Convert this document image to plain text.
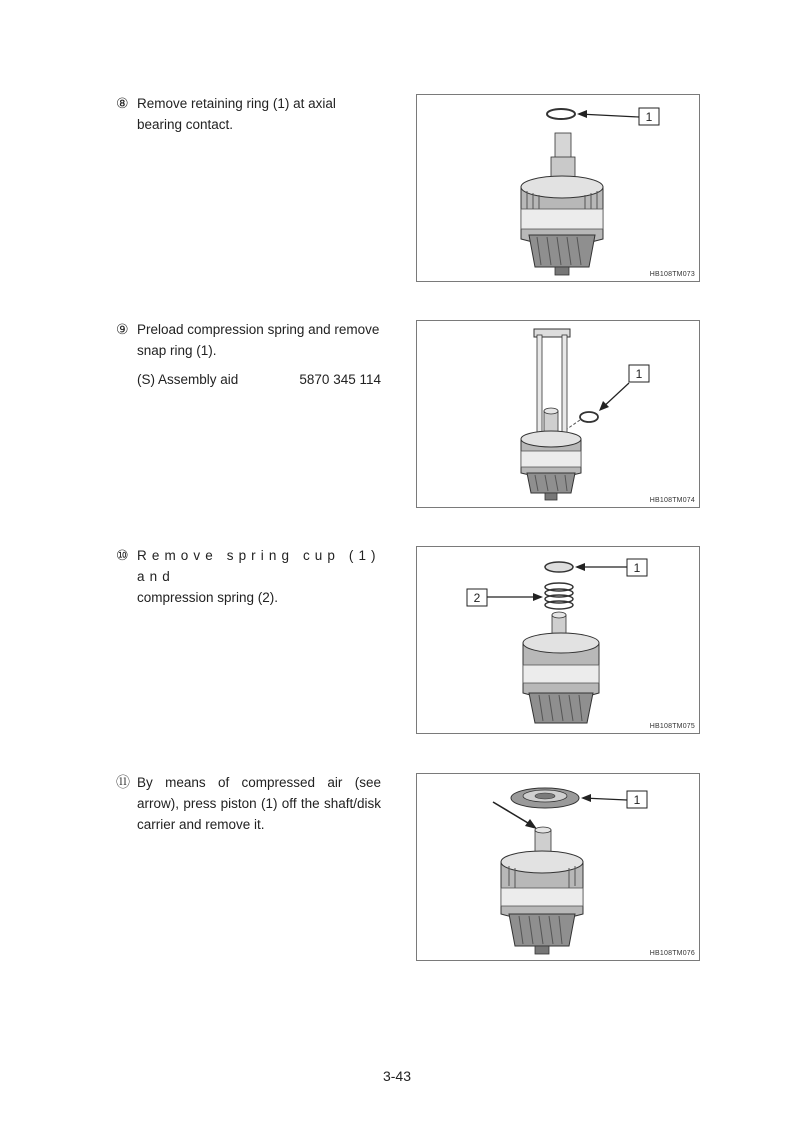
⑧ Remove retaining ring (1) at axial bearing contact.

⑨ Preload compression spring and remove snap ring (1).

(S) Assembly aid	5870 345 114
⑩ Remove spring cup (1) and

compression spring (2).

⑪ By means of compressed air (see arrow), press piston (1) off the shaft/disk carrier and remove it.

1
HB108TM073
1
HB108TM074
1
2
HB108TM075
1
HB108TM076
3-43
